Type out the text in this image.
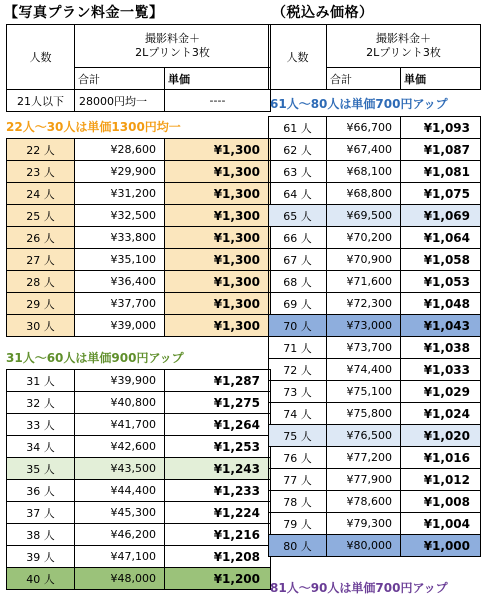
【写真プラン料金一覧】
人数	撮影料金＋
2Lプリント3枚	

	合計	単価
21人以下	28000円均一	----
22人〜30人は単価1300円均一
22 人	¥28,600	¥1,300
23 人	¥29,900	¥1,300
24 人	¥31,200	¥1,300
25 人	¥32,500	¥1,300
26 人	¥33,800	¥1,300
27 人	¥35,100	¥1,300
28 人	¥36,400	¥1,300
29 人	¥37,700	¥1,300
30 人	¥39,000	¥1,300
31人〜60人は単価900円アップ
31 人	¥39,900	¥1,287
32 人	¥40,800	¥1,275
33 人	¥41,700	¥1,264
34 人	¥42,600	¥1,253
35 人	¥43,500	¥1,243
36 人	¥44,400	¥1,233
37 人	¥45,300	¥1,224
38 人	¥46,200	¥1,216
39 人	¥47,100	¥1,208
40 人	¥48,000	¥1,200
（税込み価格）
人数	撮影料金＋
2Lプリント3枚	

	合計	単価
61人〜80人は単価700円アップ
61 人	¥66,700	¥1,093
62 人	¥67,400	¥1,087
63 人	¥68,100	¥1,081
64 人	¥68,800	¥1,075
65 人	¥69,500	¥1,069
66 人	¥70,200	¥1,064
67 人	¥70,900	¥1,058
68 人	¥71,600	¥1,053
69 人	¥72,300	¥1,048
70 人	¥73,000	¥1,043
71 人	¥73,700	¥1,038
72 人	¥74,400	¥1,033
73 人	¥75,100	¥1,029
74 人	¥75,800	¥1,024
75 人	¥76,500	¥1,020
76 人	¥77,200	¥1,016
77 人	¥77,900	¥1,012
78 人	¥78,600	¥1,008
79 人	¥79,300	¥1,004
80 人	¥80,000	¥1,000
81人〜90人は単価700円アップ
